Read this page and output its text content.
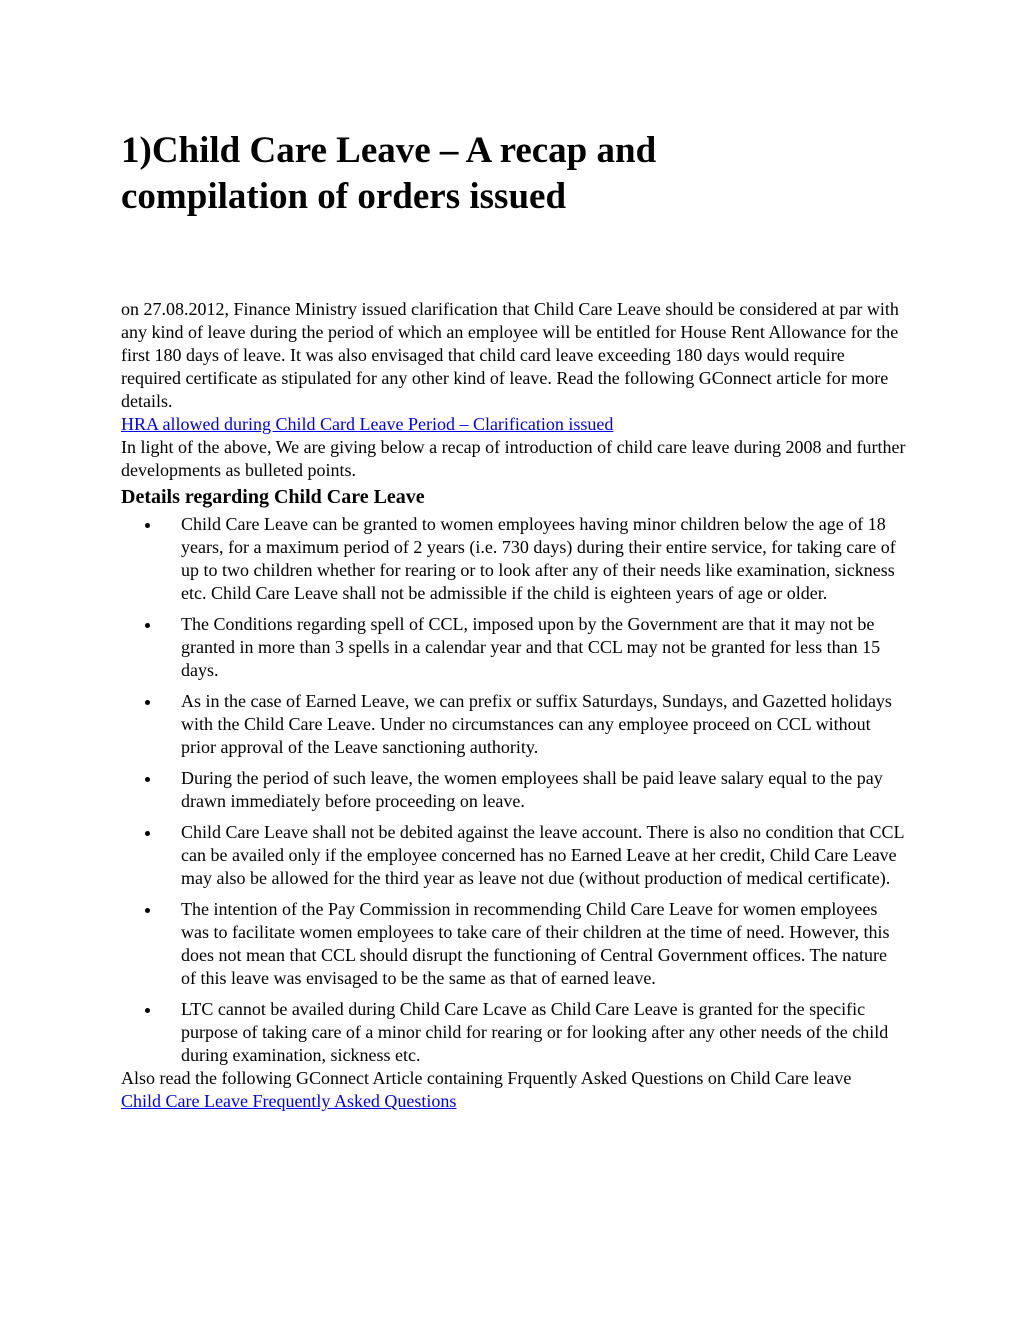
1)Child Care Leave – A recap and compilation of orders issued

on 27.08.2012, Finance Ministry issued clarification that Child Care Leave should be considered at par with any kind of leave during the period of which an employee will be entitled for House Rent Allowance for the first 180 days of leave. It was also envisaged that child card leave exceeding 180 days would require required certificate as stipulated for any other kind of leave. Read the following GConnect article for more details.

HRA allowed during Child Card Leave Period – Clarification issued

In light of the above, We are giving below a recap of introduction of child care leave during 2008 and further developments as bulleted points.

Details regarding Child Care Leave
Child Care Leave can be granted to women employees having minor children below the age of 18 years, for a maximum period of 2 years (i.e. 730 days) during their entire service, for taking care of up to two children whether for rearing or to look after any of their needs like examination, sickness etc. Child Care Leave shall not be admissible if the child is eighteen years of age or older.
The Conditions regarding spell of CCL, imposed upon by the Government are that it may not be granted in more than 3 spells in a calendar year and that CCL may not be granted for less than 15 days.
As in the case of Earned Leave, we can prefix or suffix Saturdays, Sundays, and Gazetted holidays with the Child Care Leave. Under no circumstances can any employee proceed on CCL without prior approval of the Leave sanctioning authority.
During the period of such leave, the women employees shall be paid leave salary equal to the pay drawn immediately before proceeding on leave.
Child Care Leave shall not be debited against the leave account. There is also no condition that CCL can be availed only if the employee concerned has no Earned Leave at her credit, Child Care Leave may also be allowed for the third year as leave not due (without production of medical certificate).
The intention of the Pay Commission in recommending Child Care Leave for women employees was to facilitate women employees to take care of their children at the time of need. However, this does not mean that CCL should disrupt the functioning of Central Government offices. The nature of this leave was envisaged to be the same as that of earned leave.
LTC cannot be availed during Child Care Lcave as Child Care Leave is granted for the specific purpose of taking care of a minor child for rearing or for looking after any other needs of the child during examination, sickness etc.

Also read the following GConnect Article containing Frquently Asked Questions on Child Care leave

Child Care Leave Frequently Asked Questions
